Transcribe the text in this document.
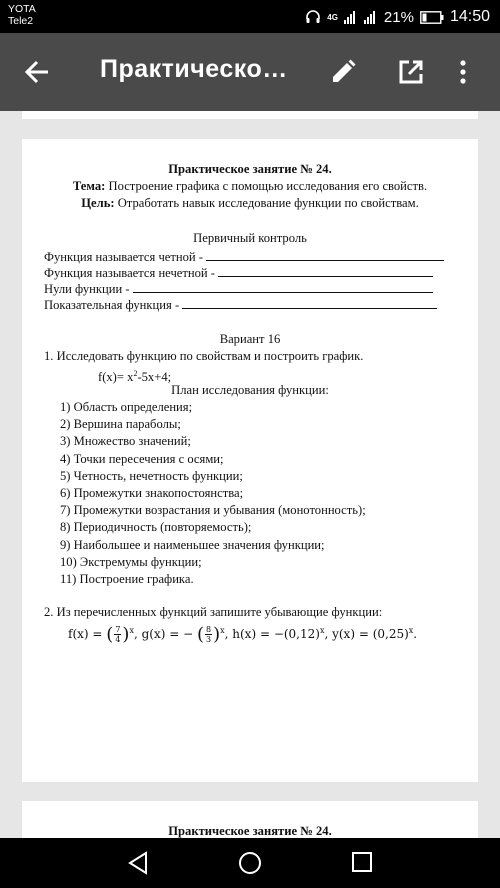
YOTA
Tele2	4G	21% 14:50
Практическо…
Практическое занятие № 24.
Тема: Построение графика с помощью исследования его свойств.
Цель: Отработать навык исследование функции по свойствам.
Первичный контроль
Функция называется четной -
Функция называется нечетной -
Нули функции -
Показательная функция -
Вариант 16
1. Исследовать функцию по свойствам и построить график.
$f(x)= x^2-5x+4$;
План исследования функции:
1) Область определения;
2) Вершина параболы;
3) Множество значений;
4) Точки пересечения с осями;
5) Четность, нечетность функции;
6) Промежутки знакопостоянства;
7) Промежутки возрастания и убывания (монотонность);
8) Периодичность (повторяемость);
9) Наибольшее и наименьшее значения функции;
10) Экстремумы функции;
11) Построение графика.
2. Из перечисленных функций запишите убывающие функции:
f(x) = ( $\frac{7}{4} )^x$, g(x) = − ( $\frac{8}{3} )^x$, $h(x) = -(0,12)^x$, $y(x) = (0,25)^x$.
Практическое занятие № 24.
